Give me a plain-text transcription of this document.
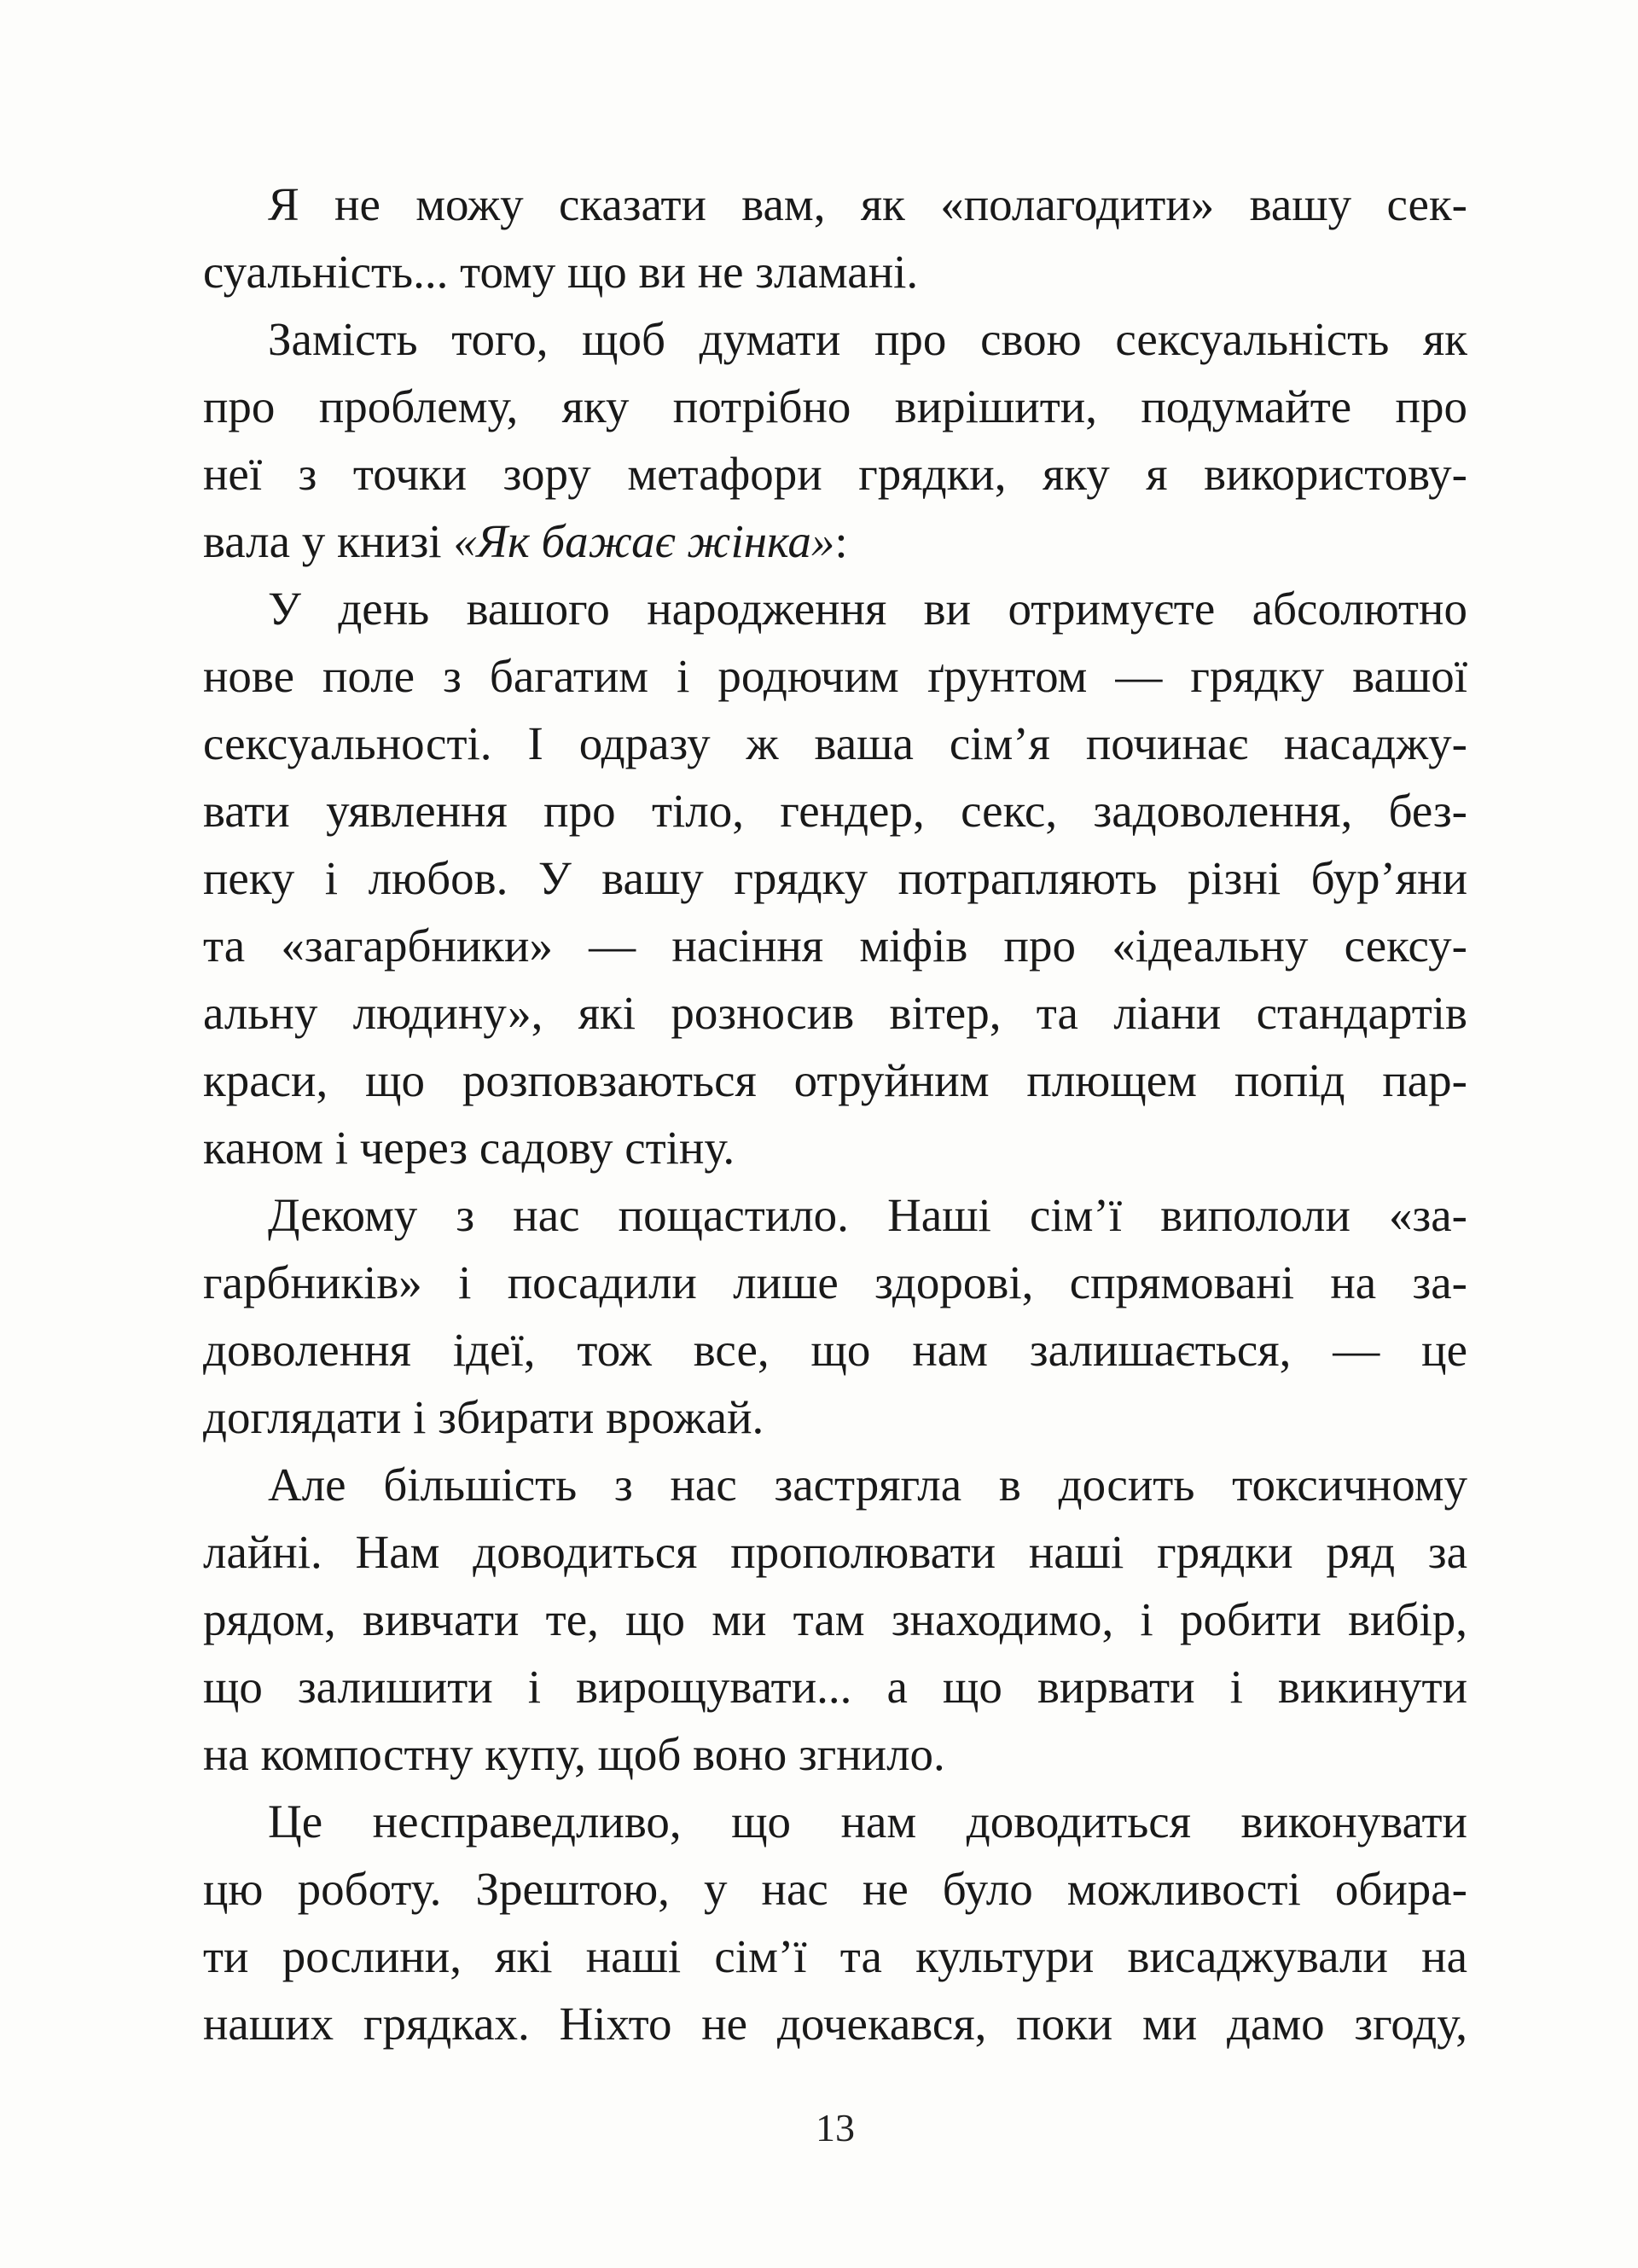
Я не можу сказати вам, як «полагодити» вашу сек-
суальність... тому що ви не зламані.
Замість того, щоб думати про свою сексуальність як
про проблему, яку потрібно вирішити, подумайте про
неї з точки зору метафори грядки, яку я використову-
вала у книзі «Як бажає жінка»:
У день вашого народження ви отримуєте абсолютно
нове поле з багатим і родючим ґрунтом — грядку вашої
сексуальності. І одразу ж ваша сім’я починає насаджу-
вати уявлення про тіло, гендер, секс, задоволення, без-
пеку і любов. У вашу грядку потрапляють різні бур’яни
та «загарбники» — насіння міфів про «ідеальну сексу-
альну людину», які розносив вітер, та ліани стандартів
краси, що розповзаються отруйним плющем попід пар-
каном і через садову стіну.
Декому з нас пощастило. Наші сім’ї випололи «за-
гарбників» і посадили лише здорові, спрямовані на за-
доволення ідеї, тож все, що нам залишається, — це
доглядати і збирати врожай.
Але більшість з нас застрягла в досить токсичному
лайні. Нам доводиться прополювати наші грядки ряд за
рядом, вивчати те, що ми там знаходимо, і робити вибір,
що залишити і вирощувати... а що вирвати і викинути
на компостну купу, щоб воно згнило.
Це несправедливо, що нам доводиться виконувати
цю роботу. Зрештою, у нас не було можливості обира-
ти рослини, які наші сім’ї та культури висаджували на
наших грядках. Ніхто не дочекався, поки ми дамо згоду,
13
